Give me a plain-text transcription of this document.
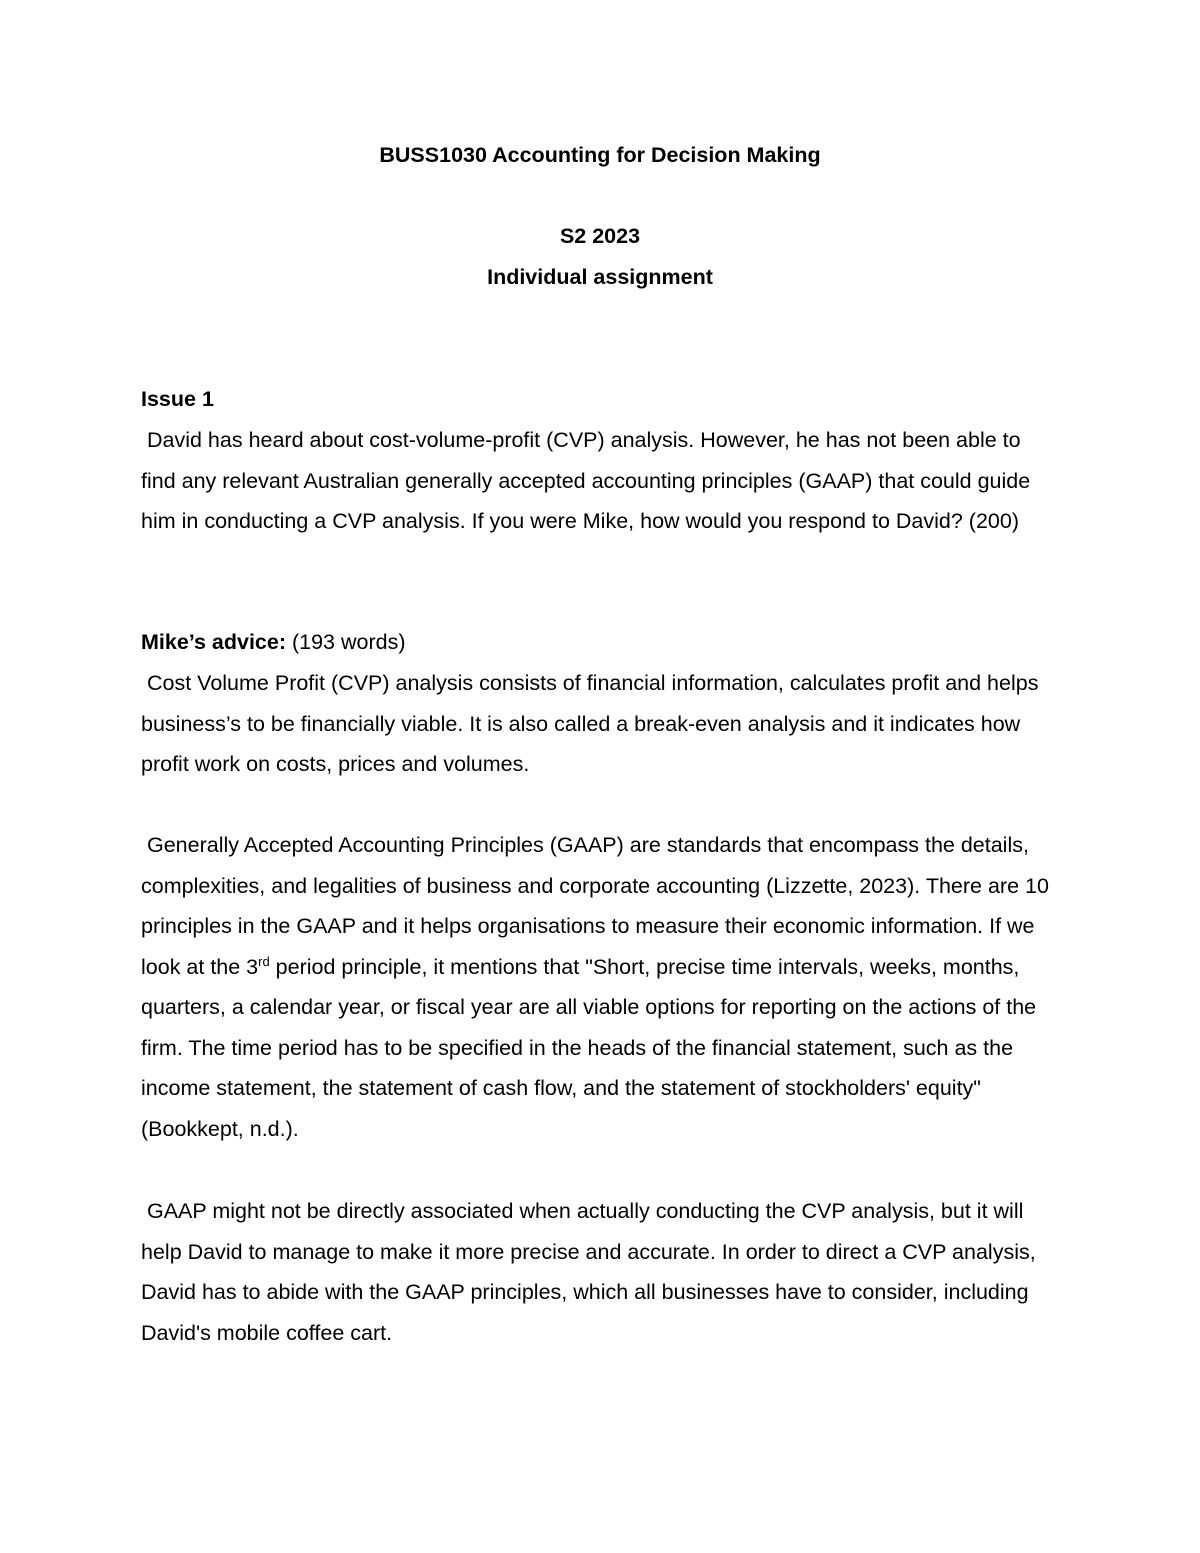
BUSS1030 Accounting for Decision Making
S2 2023
Individual assignment
Issue 1

David has heard about cost-volume-profit (CVP) analysis. However, he has not been able to find any relevant Australian generally accepted accounting principles (GAAP) that could guide him in conducting a CVP analysis. If you were Mike, how would you respond to David? (200)

Mike’s advice: (193 words)

Cost Volume Profit (CVP) analysis consists of financial information, calculates profit and helps business’s to be financially viable. It is also called a break-even analysis and it indicates how profit work on costs, prices and volumes.

Generally Accepted Accounting Principles (GAAP) are standards that encompass the details, complexities, and legalities of business and corporate accounting (Lizzette, 2023). There are 10 principles in the GAAP and it helps organisations to measure their economic information. If we look at the 3rd period principle, it mentions that "Short, precise time intervals, weeks, months, quarters, a calendar year, or fiscal year are all viable options for reporting on the actions of the firm. The time period has to be specified in the heads of the financial statement, such as the income statement, the statement of cash flow, and the statement of stockholders' equity" (Bookkept, n.d.).

GAAP might not be directly associated when actually conducting the CVP analysis, but it will help David to manage to make it more precise and accurate. In order to direct a CVP analysis, David has to abide with the GAAP principles, which all businesses have to consider, including David's mobile coffee cart.
